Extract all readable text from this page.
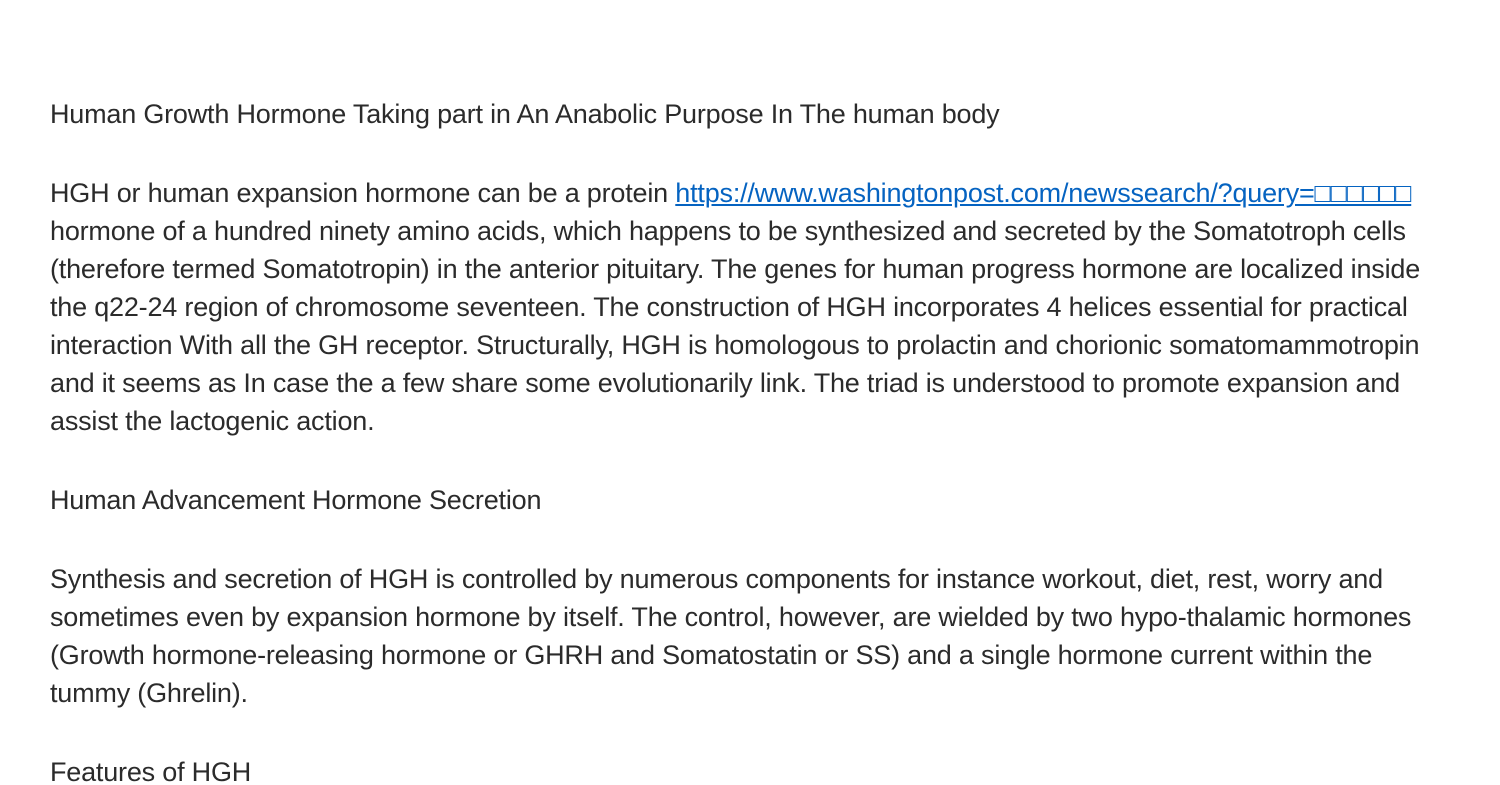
Human Growth Hormone Taking part in An Anabolic Purpose In The human body

HGH or human expansion hormone can be a protein https://www.washingtonpost.com/newssearch/?query=□□□□□□ hormone of a hundred ninety amino acids, which happens to be synthesized and secreted by the Somatotroph cells (therefore termed Somatotropin) in the anterior pituitary. The genes for human progress hormone are localized inside the q22-24 region of chromosome seventeen. The construction of HGH incorporates 4 helices essential for practical interaction With all the GH receptor. Structurally, HGH is homologous to prolactin and chorionic somatomammotropin and it seems as In case the a few share some evolutionarily link. The triad is understood to promote expansion and assist the lactogenic action.

Human Advancement Hormone Secretion

Synthesis and secretion of HGH is controlled by numerous components for instance workout, diet, rest, worry and sometimes even by expansion hormone by itself. The control, however, are wielded by two hypo-thalamic hormones (Growth hormone-releasing hormone or GHRH and Somatostatin or SS) and a single hormone current within the tummy (Ghrelin).

Features of HGH
